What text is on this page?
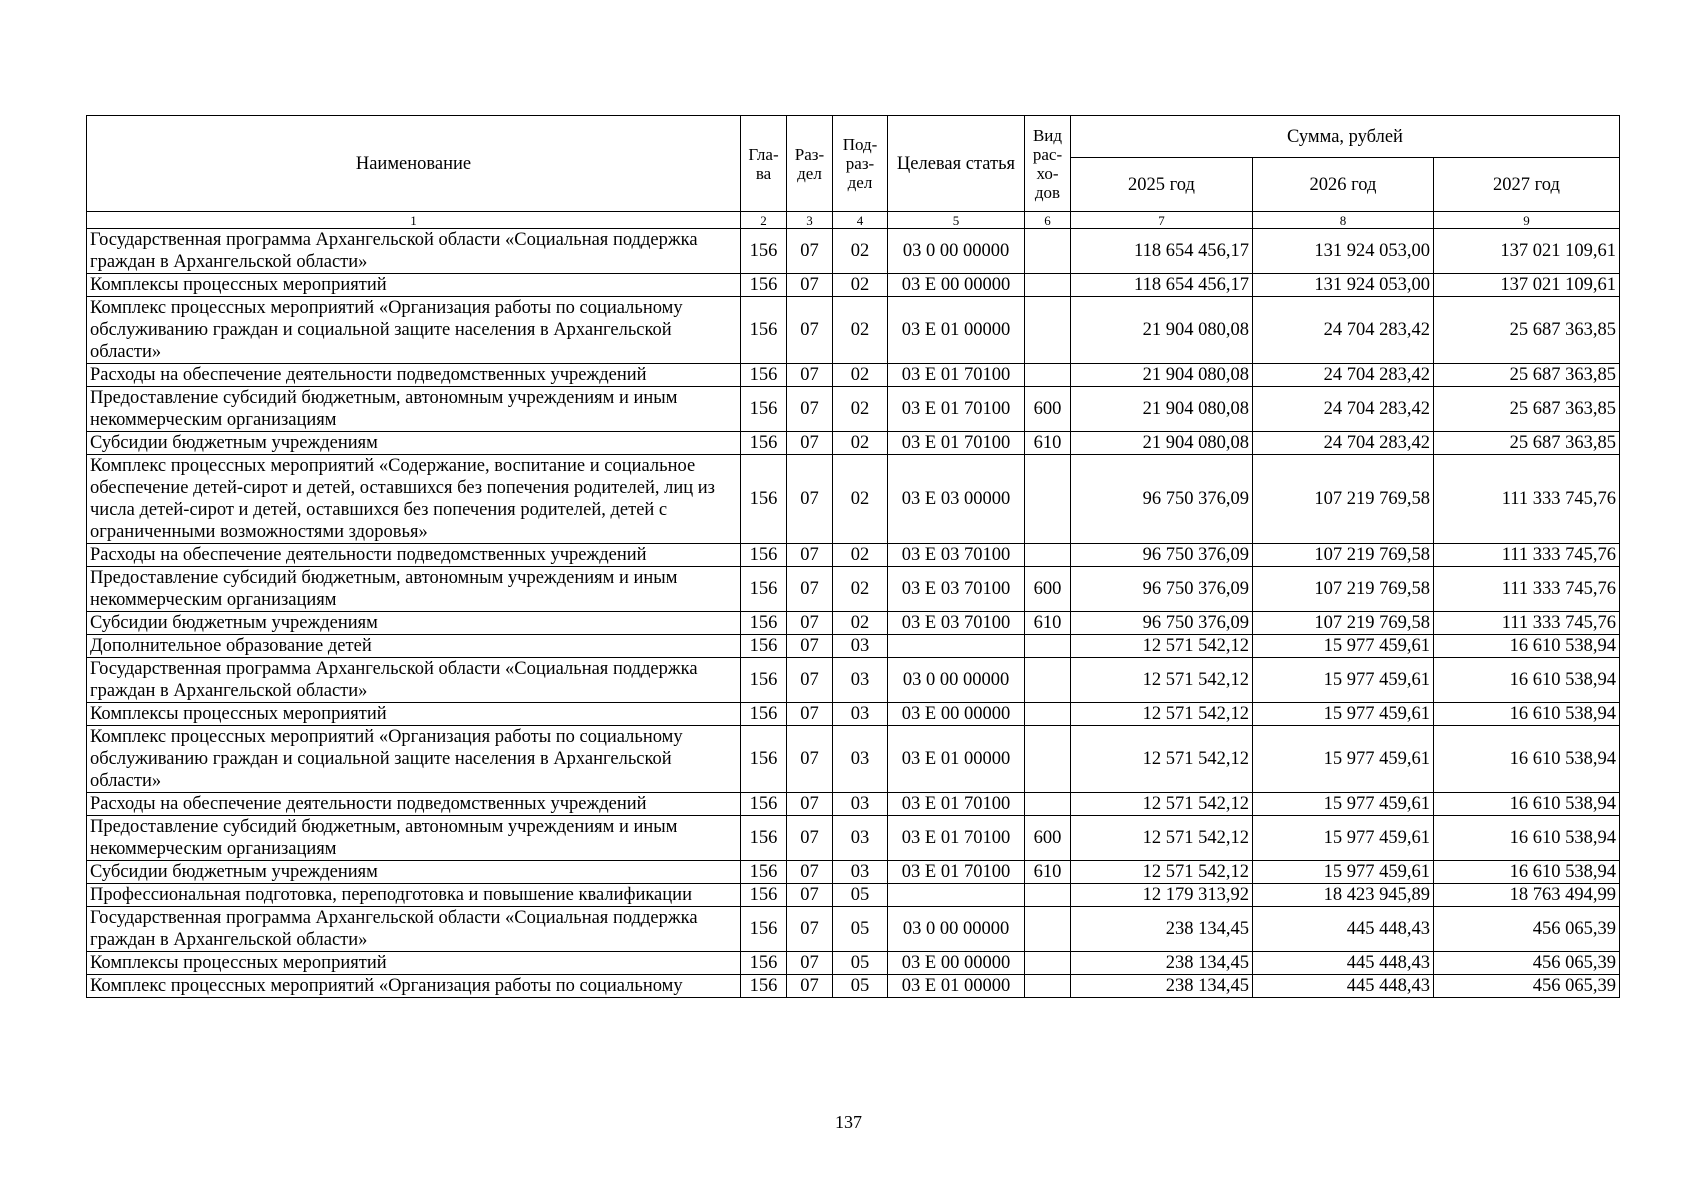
Наименование	Гла-ва	Раз-дел	Под-раз-дел	Целевая статья	Вид рас-хо-дов	Сумма, рублей		
						2025 год	2026 год	2027 год
1	2	3	4	5	6	7	8	9
Государственная программа Архангельской области «Социальная поддержка граждан в Архангельской области»	156	07	02	03 0 00 00000		118 654 456,17	131 924 053,00	137 021 109,61
Комплексы процессных мероприятий	156	07	02	03 Е 00 00000		118 654 456,17	131 924 053,00	137 021 109,61
Комплекс процессных мероприятий «Организация работы по социальному обслуживанию граждан и социальной защите населения в Архангельской области»	156	07	02	03 Е 01 00000		21 904 080,08	24 704 283,42	25 687 363,85
Расходы на обеспечение деятельности подведомственных учреждений	156	07	02	03 Е 01 70100		21 904 080,08	24 704 283,42	25 687 363,85
Предоставление субсидий бюджетным, автономным учреждениям и иным некоммерческим организациям	156	07	02	03 Е 01 70100	600	21 904 080,08	24 704 283,42	25 687 363,85
Субсидии бюджетным учреждениям	156	07	02	03 Е 01 70100	610	21 904 080,08	24 704 283,42	25 687 363,85
Комплекс процессных мероприятий «Содержание, воспитание и социальное обеспечение детей-сирот и детей, оставшихся без попечения родителей, лиц из числа детей-сирот и детей, оставшихся без попечения родителей, детей с ограниченными возможностями здоровья»	156	07	02	03 Е 03 00000		96 750 376,09	107 219 769,58	111 333 745,76
Расходы на обеспечение деятельности подведомственных учреждений	156	07	02	03 Е 03 70100		96 750 376,09	107 219 769,58	111 333 745,76
Предоставление субсидий бюджетным, автономным учреждениям и иным некоммерческим организациям	156	07	02	03 Е 03 70100	600	96 750 376,09	107 219 769,58	111 333 745,76
Субсидии бюджетным учреждениям	156	07	02	03 Е 03 70100	610	96 750 376,09	107 219 769,58	111 333 745,76
Дополнительное образование детей	156	07	03			12 571 542,12	15 977 459,61	16 610 538,94
Государственная программа Архангельской области «Социальная поддержка граждан в Архангельской области»	156	07	03	03 0 00 00000		12 571 542,12	15 977 459,61	16 610 538,94
Комплексы процессных мероприятий	156	07	03	03 Е 00 00000		12 571 542,12	15 977 459,61	16 610 538,94
Комплекс процессных мероприятий «Организация работы по социальному обслуживанию граждан и социальной защите населения в Архангельской области»	156	07	03	03 Е 01 00000		12 571 542,12	15 977 459,61	16 610 538,94
Расходы на обеспечение деятельности подведомственных учреждений	156	07	03	03 Е 01 70100		12 571 542,12	15 977 459,61	16 610 538,94
Предоставление субсидий бюджетным, автономным учреждениям и иным некоммерческим организациям	156	07	03	03 Е 01 70100	600	12 571 542,12	15 977 459,61	16 610 538,94
Субсидии бюджетным учреждениям	156	07	03	03 Е 01 70100	610	12 571 542,12	15 977 459,61	16 610 538,94
Профессиональная подготовка, переподготовка и повышение квалификации	156	07	05			12 179 313,92	18 423 945,89	18 763 494,99
Государственная программа Архангельской области «Социальная поддержка граждан в Архангельской области»	156	07	05	03 0 00 00000		238 134,45	445 448,43	456 065,39
Комплексы процессных мероприятий	156	07	05	03 Е 00 00000		238 134,45	445 448,43	456 065,39
Комплекс процессных мероприятий «Организация работы по социальному	156	07	05	03 Е 01 00000		238 134,45	445 448,43	456 065,39
137
